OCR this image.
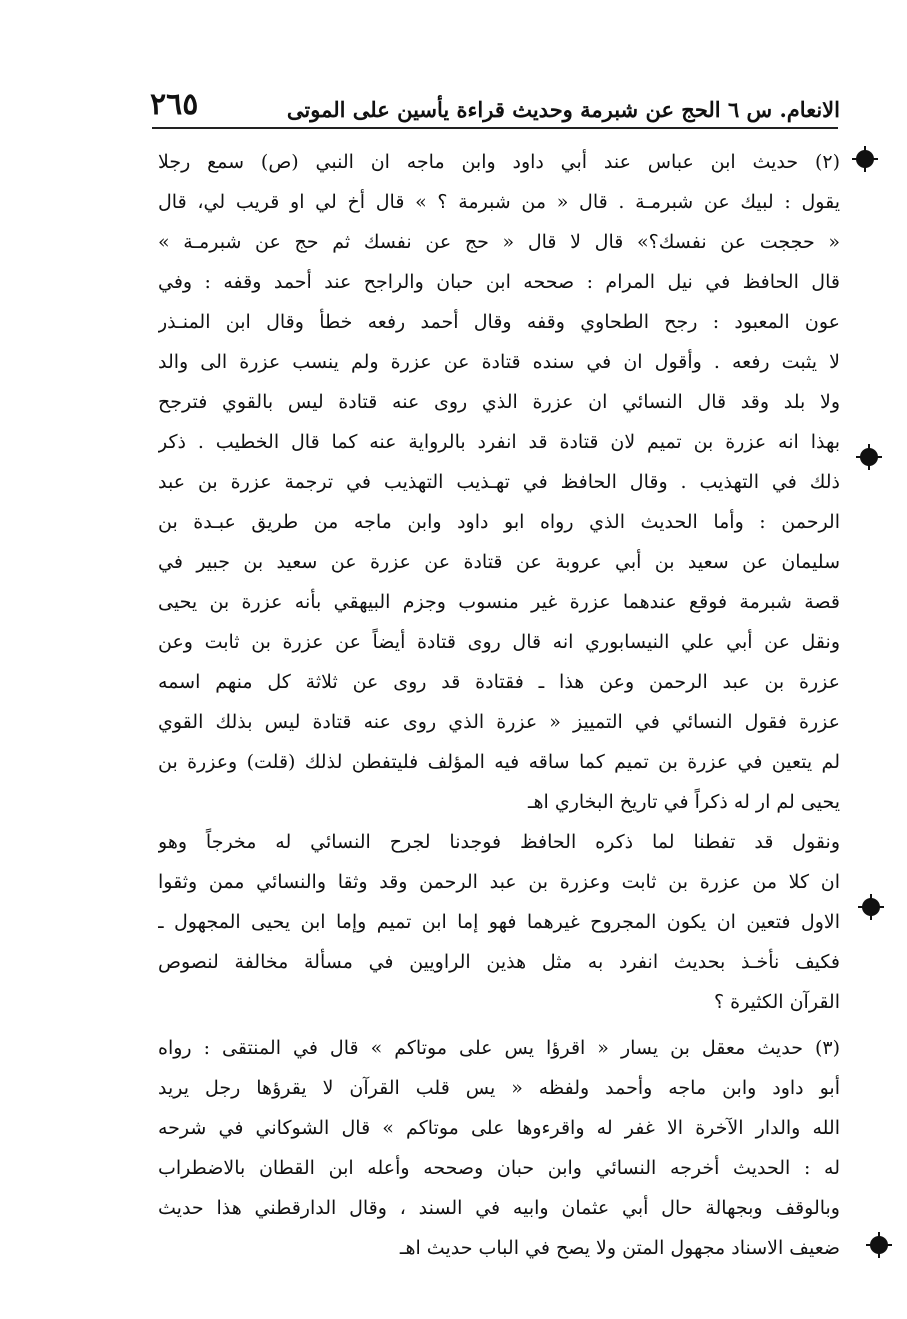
الانعام. س ٦ الحج عن شبرمة وحديث قراءة يأسين على الموتى
٢٦٥
(٢) حديث ابن عباس عند أبي داود وابن ماجه ان النبي (ص) سمع رجلا
يقول : لبيك عن شبرمـة . قال « من شبرمة ؟ » قال أخ لي او قريب لي، قال
« حججت عن نفسك؟» قال لا قال « حج عن نفسك ثم حج عن شبرمـة »
قال الحافظ في نيل المرام : صححه ابن حبان والراجح عند أحمد وقفه : وفي
عون المعبود : رجح الطحاوي وقفه وقال أحمد رفعه خطأ وقال ابن المنـذر
لا يثبت رفعه . وأقول ان في سنده قتادة عن عزرة ولم ينسب عزرة الى والد
ولا بلد وقد قال النسائي ان عزرة الذي روى عنه قتادة ليس بالقوي فترجح
بهذا انه عزرة بن تميم لان قتادة قد انفرد بالرواية عنه كما قال الخطيب . ذكر
ذلك في التهذيب . وقال الحافظ في تهـذيب التهذيب في ترجمة عزرة بن عبد
الرحمن : وأما الحديث الذي رواه ابو داود وابن ماجه من طريق عبـدة بن
سليمان عن سعيد بن أبي عروبة عن قتادة عن عزرة عن سعيد بن جبير في
قصة شبرمة فوقع عندهما عزرة غير منسوب وجزم البيهقي بأنه عزرة بن يحيى
ونقل عن أبي علي النيسابوري انه قال روى قتادة أيضاً عن عزرة بن ثابت وعن
عزرة بن عبد الرحمن وعن هذا ـ فقتادة قد روى عن ثلاثة كل منهم اسمه
عزرة فقول النسائي في التمييز « عزرة الذي روى عنه قتادة ليس بذلك القوي
لم يتعين في عزرة بن تميم كما ساقه فيه المؤلف فليتفطن لذلك (قلت) وعزرة بن
يحيى لم ار له ذكراً في تاريخ البخاري اهـ
ونقول قد تفطنا لما ذكره الحافظ فوجدنا لجرح النسائي له مخرجاً وهو
ان كلا من عزرة بن ثابت وعزرة بن عبد الرحمن وقد وثقا والنسائي ممن وثقوا
الاول فتعين ان يكون المجروح غيرهما فهو إما ابن تميم وإما ابن يحيى المجهول ـ
فكيف نأخـذ بحديث انفرد به مثل هذين الراويين في مسألة مخالفة لنصوص
القرآن الكثيرة ؟
(٣) حديث معقل بن يسار « اقرؤا يس على موتاكم » قال في المنتقى : رواه
أبو داود وابن ماجه وأحمد ولفظه « يس قلب القرآن لا يقرؤها رجل يريد
الله والدار الآخرة الا غفر له واقرءوها على موتاكم » قال الشوكاني في شرحه
له : الحديث أخرجه النسائي وابن حبان وصححه وأعله ابن القطان بالاضطراب
وبالوقف وبجهالة حال أبي عثمان وابيه في السند ، وقال الدارقطني هذا حديث
ضعيف الاسناد مجهول المتن ولا يصح في الباب حديث اهـ
